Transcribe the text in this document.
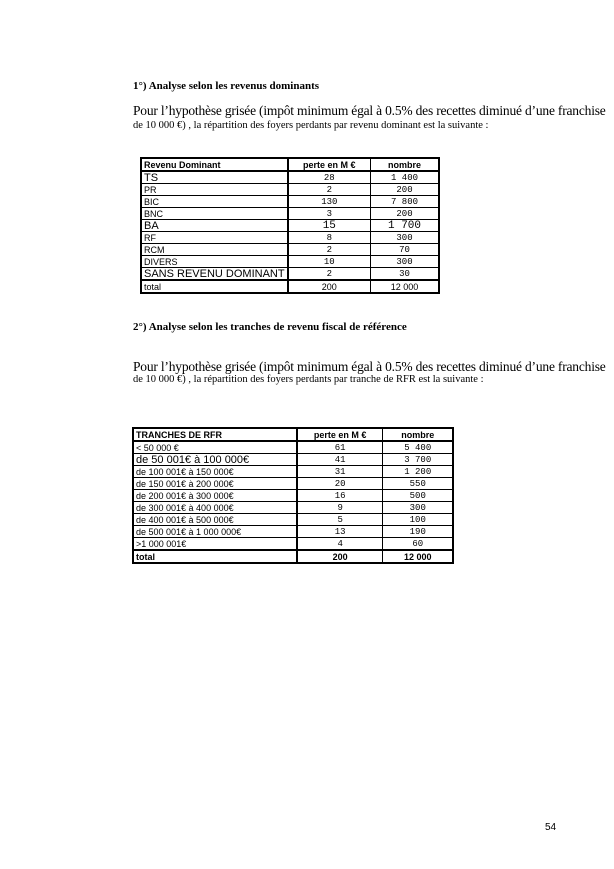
1°) Analyse selon les revenus dominants
Pour l’hypothèse grisée (impôt minimum égal à 0.5% des recettes diminué d’une franchise
de 10 000 €) , la répartition des foyers perdants par revenu dominant est la suivante :
Revenu Dominant	perte en M €	nombre
TS	28	1 400
PR	2	200
BIC	130	7 800
BNC	3	200
BA	15	1 700
RF	8	300
RCM	2	70
DIVERS	10	300
SANS REVENU DOMINANT	2	30
total	200	12 000
2°) Analyse selon les tranches de revenu fiscal de référence
Pour l’hypothèse grisée (impôt minimum égal à 0.5% des recettes diminué d’une franchise
de 10 000 €) , la répartition des foyers perdants par tranche de RFR est la suivante :
TRANCHES DE RFR	perte en M €	nombre
< 50 000 €	61	5 400
de 50 001€ à 100 000€	41	3 700
de 100 001€ à 150 000€	31	1 200
de 150 001€ à 200 000€	20	550
de 200 001€ à 300 000€	16	500
de 300 001€ à 400 000€	9	300
de 400 001€ à 500 000€	5	100
de 500 001€ à 1 000 000€	13	190
>1 000 001€	4	60
total	200	12 000
54
